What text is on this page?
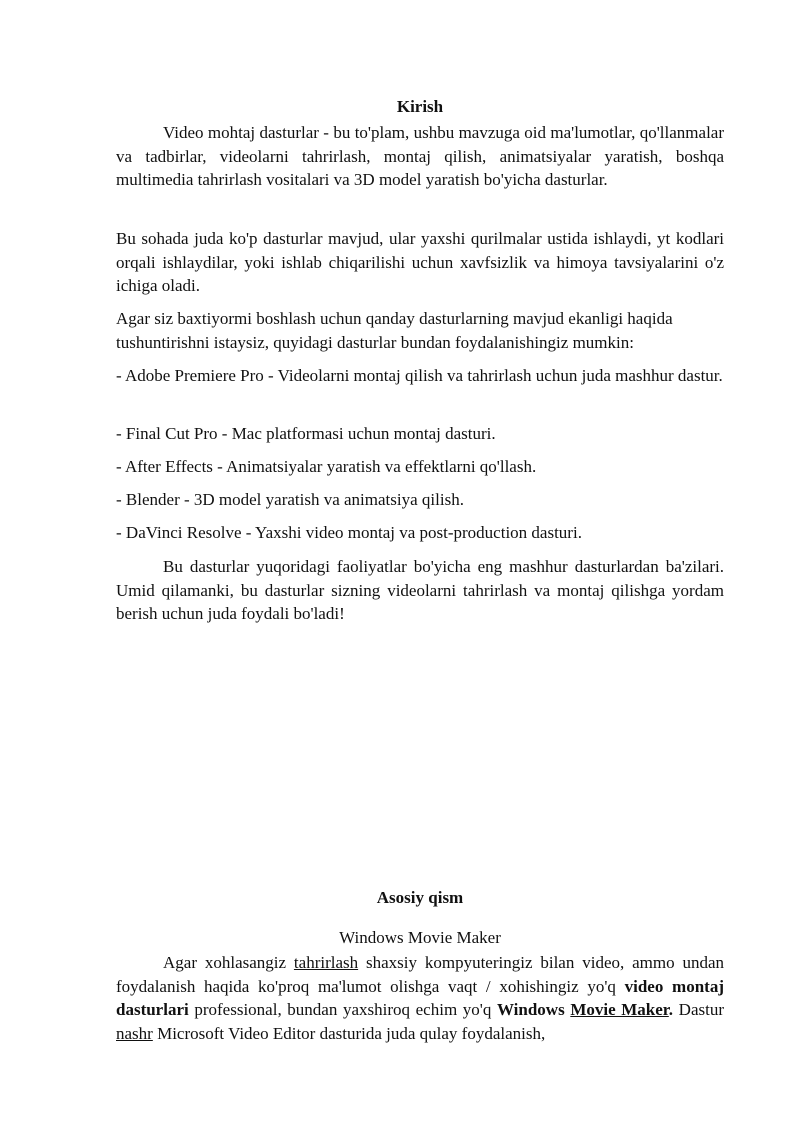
Kirish

Video mohtaj dasturlar - bu to'plam, ushbu mavzuga oid ma'lumotlar, qo'llanmalar va tadbirlar, videolarni tahrirlash, montaj qilish, animatsiyalar yaratish, boshqa multimedia tahrirlash vositalari va 3D model yaratish bo'yicha dasturlar.

Bu sohada juda ko'p dasturlar mavjud, ular yaxshi qurilmalar ustida ishlaydi, yt kodlari orqali ishlaydilar, yoki ishlab chiqarilishi uchun xavfsizlik va himoya tavsiyalarini o'z ichiga oladi.

Agar siz baxtiyormi boshlash uchun qanday dasturlarning mavjud ekanligi haqida tushuntirishni istaysiz, quyidagi dasturlar bundan foydalanishingiz mumkin:

- Adobe Premiere Pro - Videolarni montaj qilish va tahrirlash uchun juda mashhur dastur.

- Final Cut Pro - Mac platformasi uchun montaj dasturi.

- After Effects - Animatsiyalar yaratish va effektlarni qo'llash.

- Blender - 3D model yaratish va animatsiya qilish.

- DaVinci Resolve - Yaxshi video montaj va post-production dasturi.

Bu dasturlar yuqoridagi faoliyatlar bo'yicha eng mashhur dasturlardan ba'zilari. Umid qilamanki, bu dasturlar sizning videolarni tahrirlash va montaj qilishga yordam berish uchun juda foydali bo'ladi!

Asosiy qism
Windows Movie Maker

Agar xohlasangiz tahrirlash shaxsiy kompyuteringiz bilan video, ammo undan foydalanish haqida ko'proq ma'lumot olishga vaqt / xohishingiz yo'q video montaj dasturlari professional, bundan yaxshiroq echim yo'q Windows Movie Maker. Dastur nashr Microsoft Video Editor dasturida juda qulay foydalanish,
